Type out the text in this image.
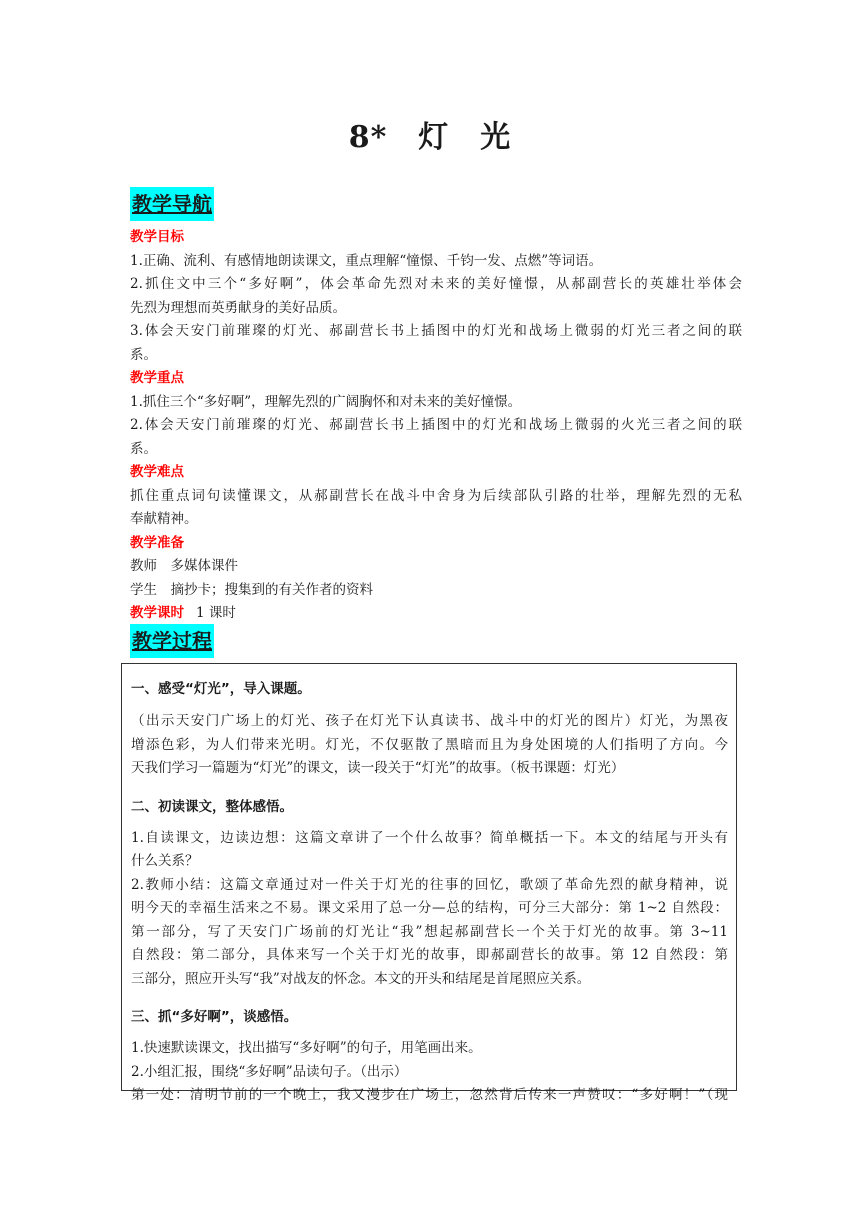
8*　灯　光
教学导航
教学目标
1.正确、流利、有感情地朗读课文，重点理解“憧憬、千钧一发、点燃”等词语。
2.抓住文中三个“多好啊”，体会革命先烈对未来的美好憧憬，从郝副营长的英雄壮举体会
先烈为理想而英勇献身的美好品质。
3.体会天安门前璀璨的灯光、郝副营长书上插图中的灯光和战场上微弱的灯光三者之间的联
系。
教学重点
1.抓住三个“多好啊”，理解先烈的广阔胸怀和对未来的美好憧憬。
2.体会天安门前璀璨的灯光、郝副营长书上插图中的灯光和战场上微弱的火光三者之间的联
系。
教学难点
抓住重点词句读懂课文，从郝副营长在战斗中舍身为后续部队引路的壮举，理解先烈的无私
奉献精神。
教学准备
教师　多媒体课件
学生　摘抄卡；搜集到的有关作者的资料
教学课时 1 课时
教学过程
一、感受“灯光”，导入课题。
（出示天安门广场上的灯光、孩子在灯光下认真读书、战斗中的灯光的图片）灯光，为黑夜
增添色彩，为人们带来光明。灯光，不仅驱散了黑暗而且为身处困境的人们指明了方向。今
天我们学习一篇题为“灯光”的课文，读一段关于“灯光”的故事。（板书课题：灯光）
二、初读课文，整体感悟。
1.自读课文，边读边想：这篇文章讲了一个什么故事？简单概括一下。本文的结尾与开头有
什么关系？
2.教师小结：这篇文章通过对一件关于灯光的往事的回忆，歌颂了革命先烈的献身精神，说
明今天的幸福生活来之不易。课文采用了总一分—总的结构，可分三大部分：第 1~2 自然段：
第一部分，写了天安门广场前的灯光让“我”想起郝副营长一个关于灯光的故事。第 3~11
自然段：第二部分，具体来写一个关于灯光的故事，即郝副营长的故事。第 12 自然段：第
三部分，照应开头写“我”对战友的怀念。本文的开头和结尾是首尾照应关系。
三、抓“多好啊”，谈感悟。
1.快速默读课文，找出描写“多好啊”的句子，用笔画出来。
2.小组汇报，围绕“多好啊”品读句子。（出示）
第一处：清明节前的一个晚上，我又漫步在广场上，忽然背后传来一声赞叹：“多好啊！”（现
